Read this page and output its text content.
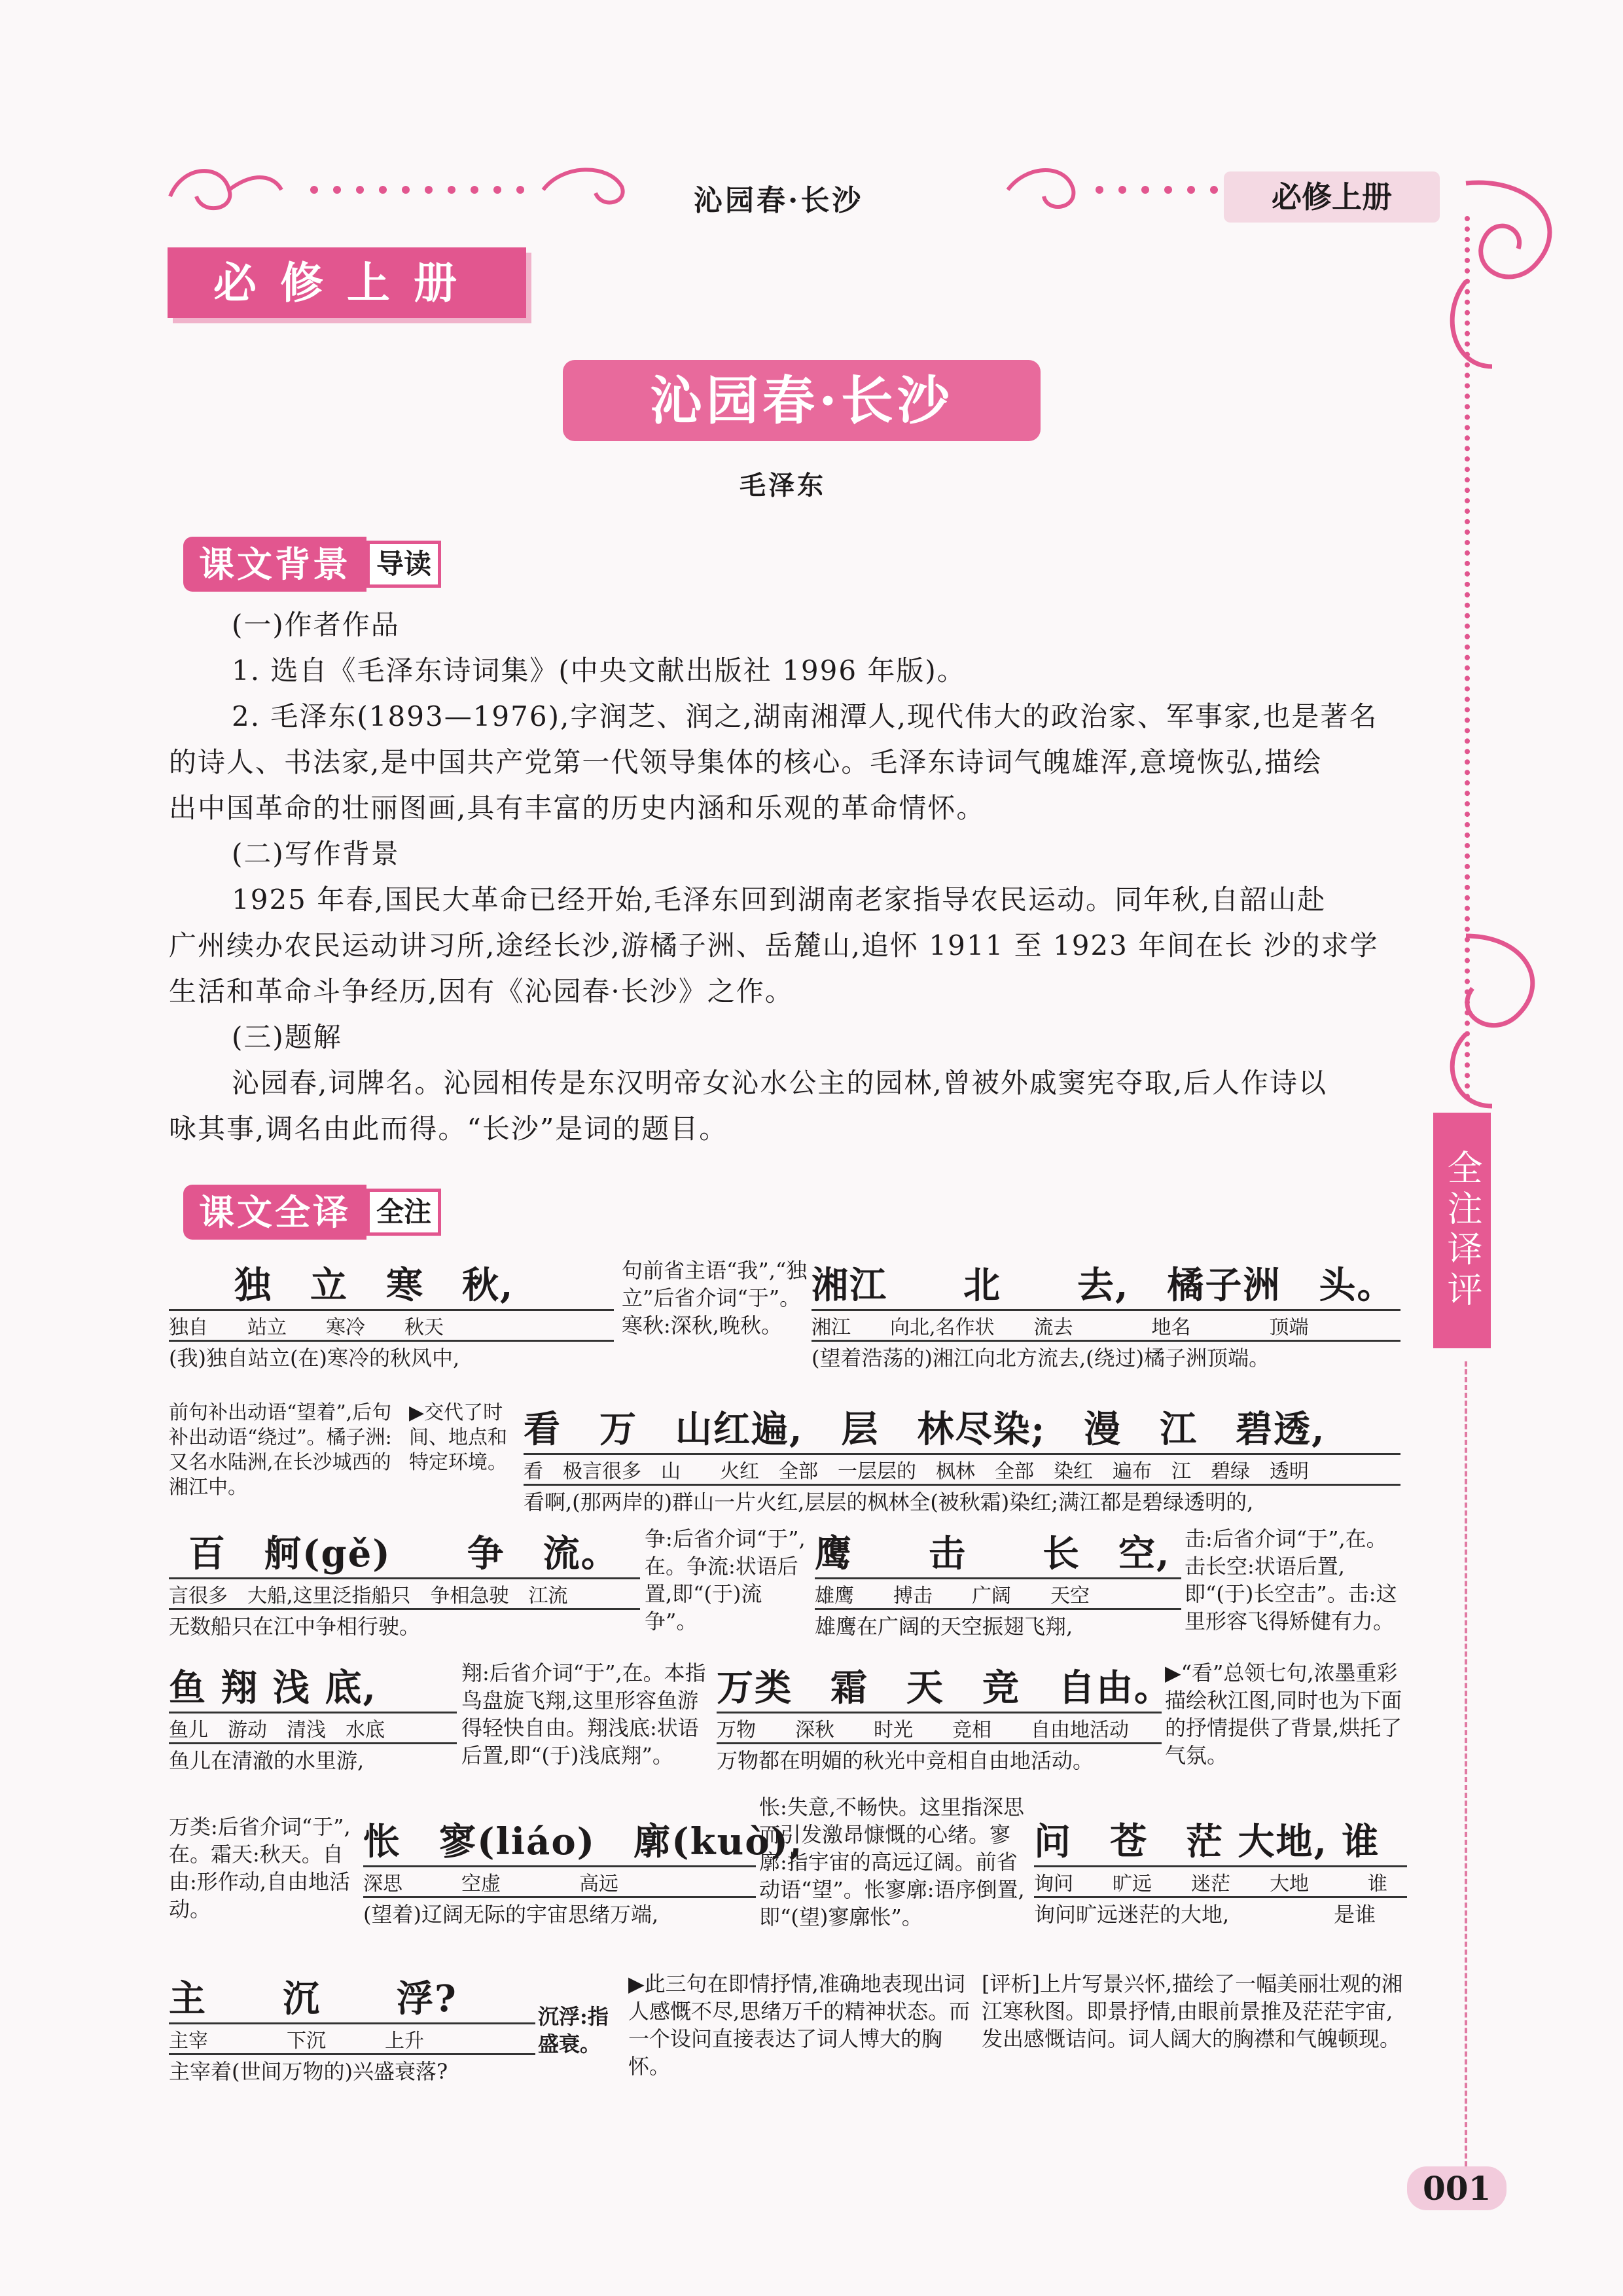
沁园春·长沙	必修上册
全注译评
必修上册
沁园春·长沙
毛泽东
课文背景 导读

(一)作者作品

1. 选自《毛泽东诗词集》(中央文献出版社 1996 年版)。

2. 毛泽东(1893—1976),字润芝、润之,湖南湘潭人,现代伟大的政治家、军事家,也是著名

的诗人、书法家,是中国共产党第一代领导集体的核心。毛泽东诗词气魄雄浑,意境恢弘,描绘

出中国革命的壮丽图画,具有丰富的历史内涵和乐观的革命情怀。

(二)写作背景

1925 年春,国民大革命已经开始,毛泽东回到湖南老家指导农民运动。同年秋,自韶山赴

广州续办农民运动讲习所,途经长沙,游橘子洲、岳麓山,追怀 1911 至 1923 年间在长 沙的求学

生活和革命斗争经历,因有《沁园春·长沙》之作。

(三)题解

沁园春,词牌名。沁园相传是东汉明帝女沁水公主的园林,曾被外戚窦宪夺取,后人作诗以

咏其事,调名由此而得。“长沙”是词的题目。

课文全译 全注
独　立　寒　秋,
独自　　站立　　寒冷　　秋天
(我)独自站立(在)寒冷的秋风中,
句前省主语“我”,“独立”后省介词“于”。寒秋:深秋,晚秋。
湘江　　北　　去,　橘子洲　头。
湘江　　向北,名作状　　流去　　　　地名　　　　顶端
(望着浩荡的)湘江向北方流去,(绕过)橘子洲顶端。
前句补出动语“望着”,后句补出动语“绕过”。橘子洲:又名水陆洲,在长沙城西的湘江中。
▶交代了时间、地点和特定环境。
看　万　山红遍,　层　林尽染;　漫　江　碧透,
看　极言很多　山　　火红　全部　一层层的　枫林　全部　染红　遍布　江　碧绿　透明
看啊,(那两岸的)群山一片火红,层层的枫林全(被秋霜)染红;满江都是碧绿透明的,
百　舸(gě)　　争　流。
言很多　大船,这里泛指船只　争相急驶　江流
无数船只在江中争相行驶。
争:后省介词“于”,在。争流:状语后置,即“(于)流争”。
鹰　　击　　长　空,
雄鹰　　搏击　　广阔　　天空
雄鹰在广阔的天空振翅飞翔,
击:后省介词“于”,在。击长空:状语后置,即“(于)长空击”。击:这里形容飞得矫健有力。
鱼 翔 浅 底,
鱼儿　游动　清浅　水底
鱼儿在清澈的水里游,
翔:后省介词“于”,在。本指鸟盘旋飞翔,这里形容鱼游得轻快自由。翔浅底:状语后置,即“(于)浅底翔”。
万类　霜　天　竞　自由。
万物　　深秋　　时光　　竞相　　自由地活动
万物都在明媚的秋光中竞相自由地活动。
▶“看”总领七句,浓墨重彩描绘秋江图,同时也为下面的抒情提供了背景,烘托了气氛。
万类:后省介词“于”,在。霜天:秋天。自由:形作动,自由地活动。
怅　寥(liáo)　廓(kuò),
深思　　　空虚　　　　高远
(望着)辽阔无际的宇宙思绪万端,
怅:失意,不畅快。这里指深思而引发激昂慷慨的心绪。寥廓:指宇宙的高远辽阔。前省动语“望”。怅寥廓:语序倒置,即“(望)寥廓怅”。
问　苍　茫 大地, 谁
询问　　旷远　　迷茫　　大地　　　谁
询问旷远迷茫的大地,　　　　　是谁
主　　沉　　浮?
主宰　　　　下沉　　　上升
主宰着(世间万物的)兴盛衰落?
沉浮:指盛衰。
▶此三句在即情抒情,准确地表现出词人感慨不尽,思绪万千的精神状态。而一个设问直接表达了词人博大的胸怀。
[评析]上片写景兴怀,描绘了一幅美丽壮观的湘江寒秋图。即景抒情,由眼前景推及茫茫宇宙,发出感慨诘问。词人阔大的胸襟和气魄顿现。
001
